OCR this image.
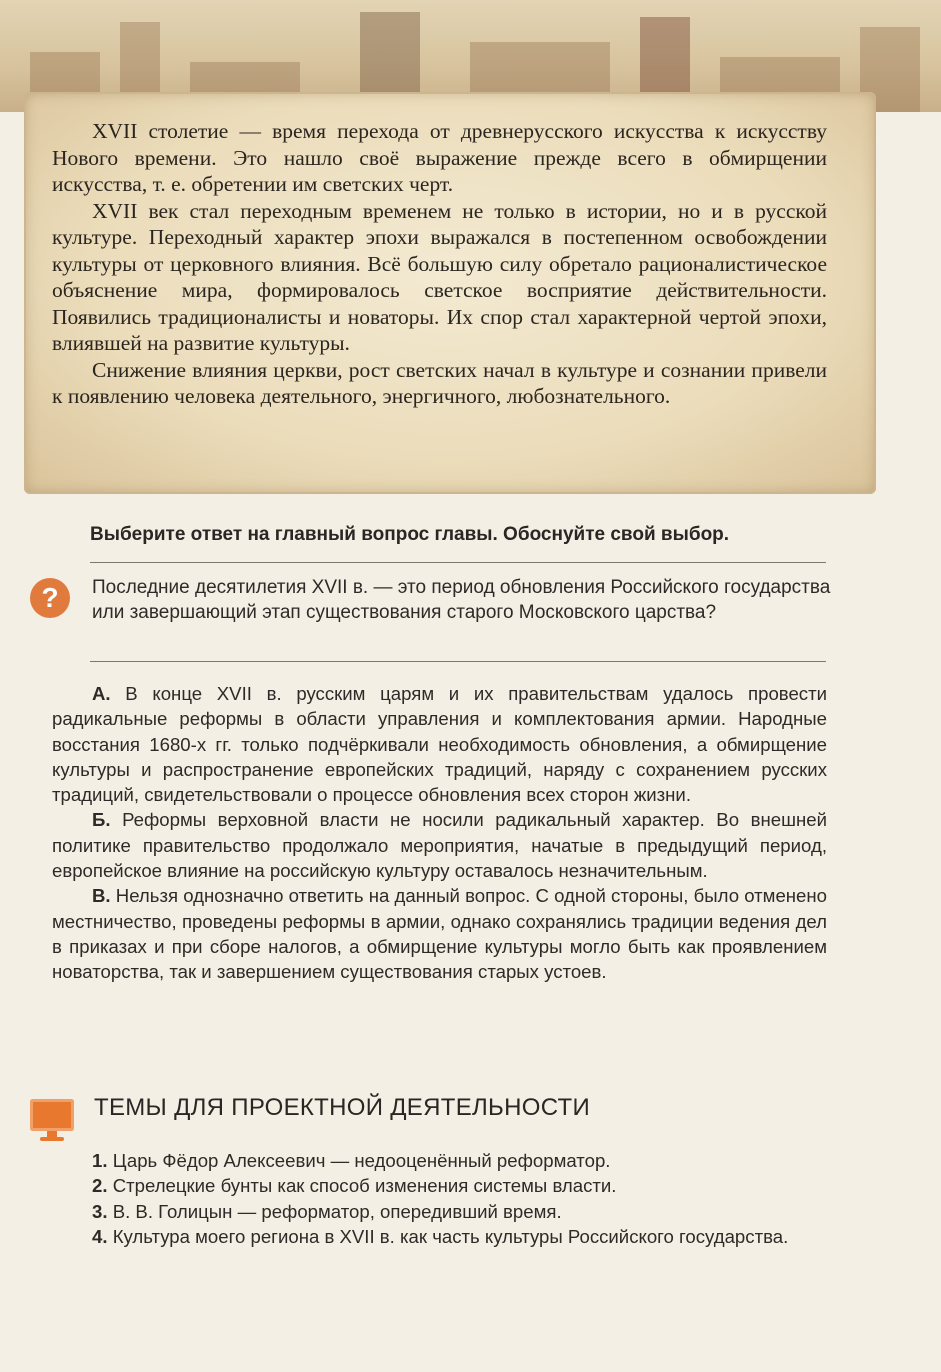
XVII столетие — время перехода от древнерусского искусства к искусству Нового времени. Это нашло своё выражение прежде всего в обмирщении искусства, т. е. обретении им светских черт.

XVII век стал переходным временем не только в истории, но и в русской культуре. Переходный характер эпохи выражался в постепенном освобождении культуры от церковного влияния. Всё большую силу обретало рационалистическое объяснение мира, формировалось светское восприятие действительности. Появились традиционалисты и новаторы. Их спор стал характерной чертой эпохи, влиявшей на развитие культуры.

Снижение влияния церкви, рост светских начал в культуре и сознании привели к появлению человека деятельного, энергичного, любознательного.

Выберите ответ на главный вопрос главы. Обоснуйте свой выбор.
?	Последние десятилетия XVII в. — это период обновления Российского государства или завершающий этап существования старого Московского царства?

А. В конце XVII в. русским царям и их правительствам удалось провести радикальные реформы в области управления и комплектования армии. Народные восстания 1680-х гг. только подчёркивали необходимость обновления, а обмирщение культуры и распространение европейских традиций, наряду с сохранением русских традиций, свидетельствовали о процессе обновления всех сторон жизни.

Б. Реформы верховной власти не носили радикальный характер. Во внешней политике правительство продолжало мероприятия, начатые в предыдущий период, европейское влияние на российскую культуру оставалось незначительным.

В. Нельзя однозначно ответить на данный вопрос. С одной стороны, было отменено местничество, проведены реформы в армии, однако сохранялись традиции ведения дел в приказах и при сборе налогов, а обмирщение культуры могло быть как проявлением новаторства, так и завершением существования старых устоев.

ТЕМЫ ДЛЯ ПРОЕКТНОЙ ДЕЯТЕЛЬНОСТИ

1. Царь Фёдор Алексеевич — недооценённый реформатор.

2. Стрелецкие бунты как способ изменения системы власти.

3. В. В. Голицын — реформатор, опередивший время.

4. Культура моего региона в XVII в. как часть культуры Российского государства.
